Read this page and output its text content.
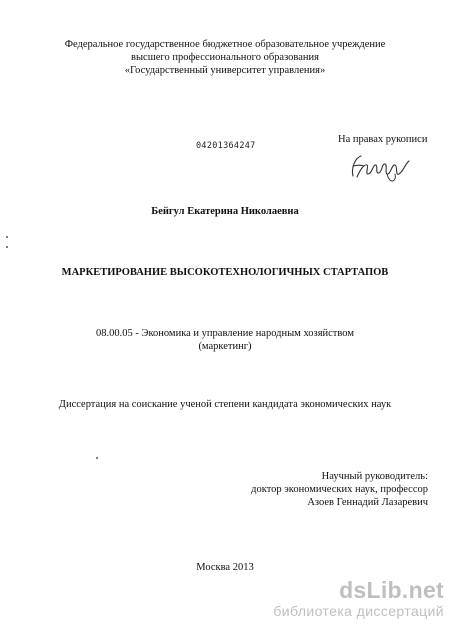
Федеральное государственное бюджетное образовательное учреждение
высшего профессионального образования
«Государственный университет управления»
04201364247
На правах рукописи
Бейгул Екатерина Николаевна
МАРКЕТИРОВАНИЕ ВЫСОКОТЕХНОЛОГИЧНЫХ СТАРТАПОВ
08.00.05 - Экономика и управление народным хозяйством
(маркетинг)
Диссертация на соискание ученой степени кандидата экономических наук
Научный руководитель:
доктор экономических наук, профессор
Азоев Геннадий Лазаревич
Москва 2013
dsLib.net
библиотека диссертаций
